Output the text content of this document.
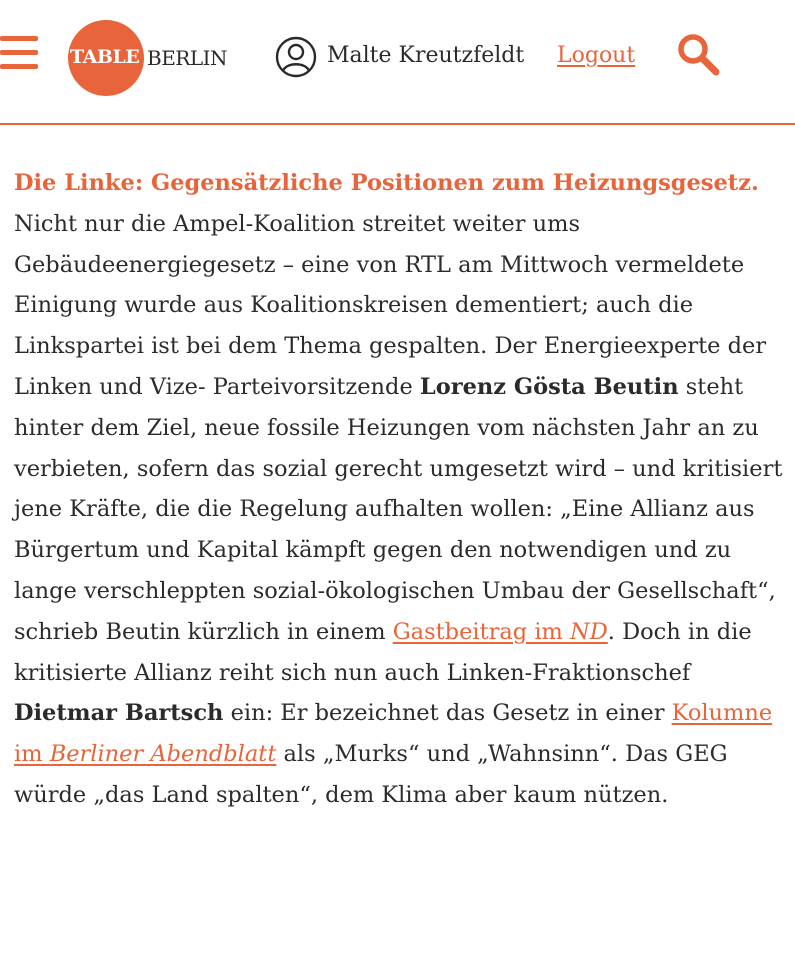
TABLE BERLIN	Malte Kreutzfeldt Logout

Die Linke: Gegensätzliche Positionen zum Heizungsgesetz. Nicht nur die Ampel-Koalition streitet weiter ums Gebäudeenergiegesetz – eine von RTL am Mittwoch vermeldete Einigung wurde aus Koalitionskreisen dementiert; auch die Linkspartei ist bei dem Thema gespalten. Der Energieexperte der Linken und Vize- Parteivorsitzende Lorenz Gösta Beutin steht hinter dem Ziel, neue fossile Heizungen vom nächsten Jahr an zu verbieten, sofern das sozial gerecht umgesetzt wird – und kritisiert jene Kräfte, die die Regelung aufhalten wollen: „Eine Allianz aus Bürgertum und Kapital kämpft gegen den notwendigen und zu lange verschleppten sozial-ökologischen Umbau der Gesellschaft“, schrieb Beutin kürzlich in einem Gastbeitrag im ND. Doch in die kritisierte Allianz reiht sich nun auch Linken-Fraktionschef Dietmar Bartsch ein: Er bezeichnet das Gesetz in einer Kolumne im Berliner Abendblatt als „Murks“ und „Wahnsinn“. Das GEG würde „das Land spalten“, dem Klima aber kaum nützen.
